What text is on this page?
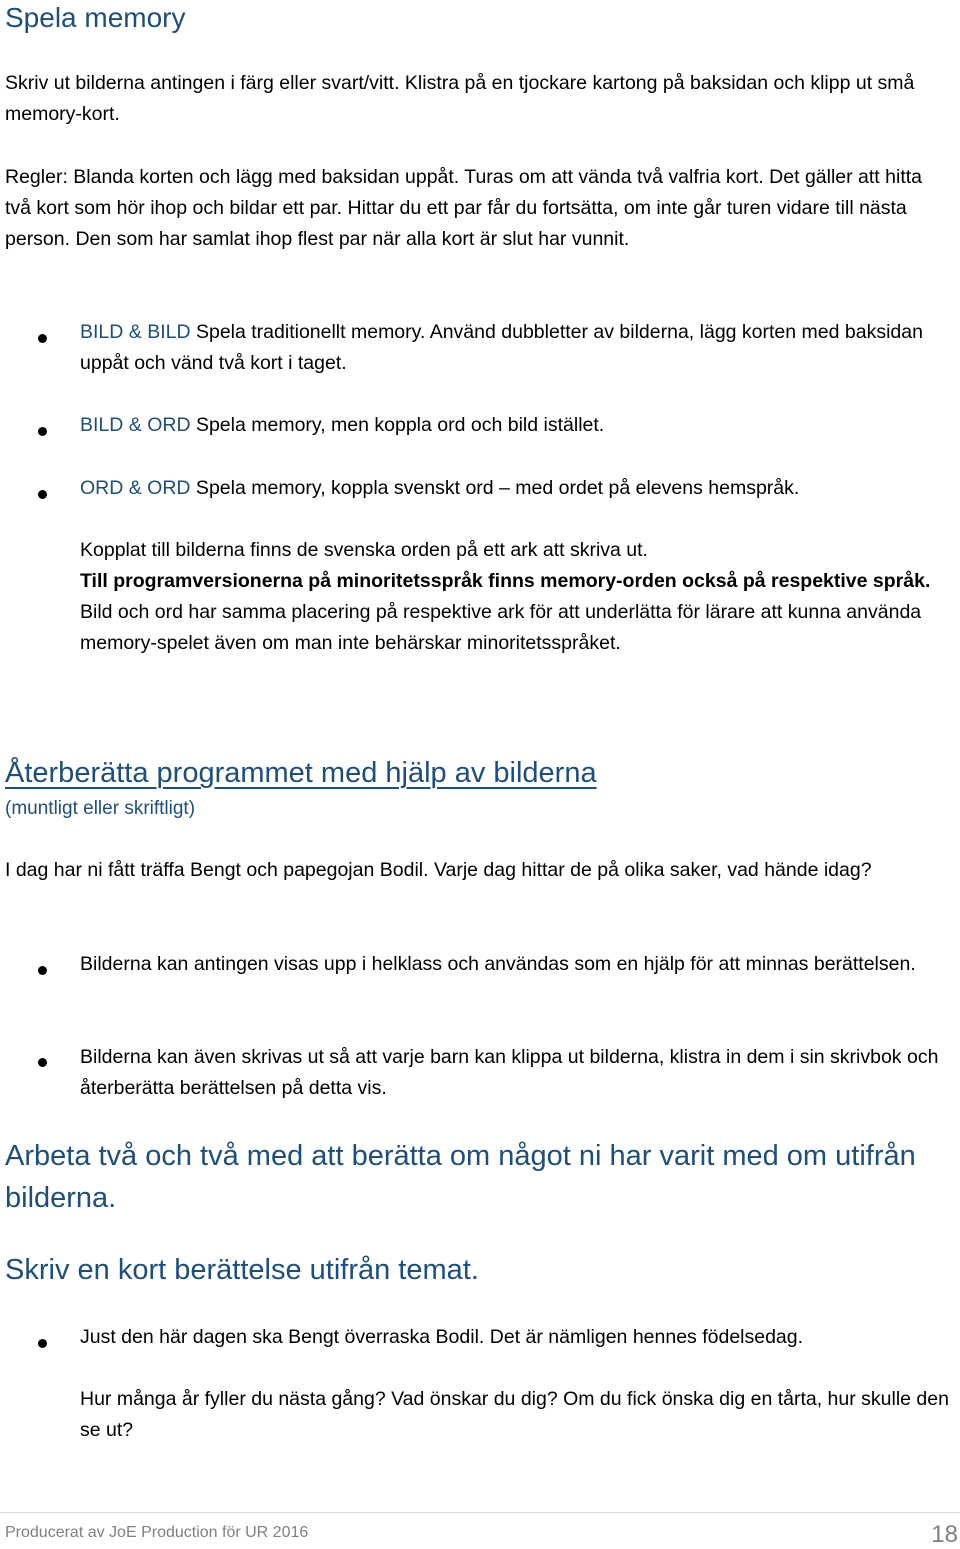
Spela memory
Skriv ut bilderna antingen i färg eller svart/vitt. Klistra på en tjockare kartong på baksidan och klipp ut små memory-kort.
Regler: Blanda korten och lägg med baksidan uppåt. Turas om att vända två valfria kort. Det gäller att hitta två kort som hör ihop och bildar ett par. Hittar du ett par får du fortsätta, om inte går turen vidare till nästa person. Den som har samlat ihop flest par när alla kort är slut har vunnit.
BILD & BILD Spela traditionellt memory. Använd dubbletter av bilderna, lägg korten med baksidan uppåt och vänd två kort i taget.
BILD & ORD Spela memory, men koppla ord och bild istället.
ORD & ORD Spela memory, koppla svenskt ord – med ordet på elevens hemspråk.
Kopplat till bilderna finns de svenska orden på ett ark att skriva ut.
Till programversionerna på minoritetsspråk finns memory-orden också på respektive språk. Bild och ord har samma placering på respektive ark för att underlätta för lärare att kunna använda memory-spelet även om man inte behärskar minoritetsspråket.
Återberätta programmet med hjälp av bilderna
(muntligt eller skriftligt)
I dag har ni fått träffa Bengt och papegojan Bodil. Varje dag hittar de på olika saker, vad hände idag?
Bilderna kan antingen visas upp i helklass och användas som en hjälp för att minnas berättelsen.
Bilderna kan även skrivas ut så att varje barn kan klippa ut bilderna, klistra in dem i sin skrivbok och återberätta berättelsen på detta vis.
Arbeta två och två med att berätta om något ni har varit med om utifrån bilderna.
Skriv en kort berättelse utifrån temat.
Just den här dagen ska Bengt överraska Bodil. Det är nämligen hennes födelsedag.
Hur många år fyller du nästa gång? Vad önskar du dig? Om du fick önska dig en tårta, hur skulle den se ut?
Producerat av JoE Production för UR 2016	18
